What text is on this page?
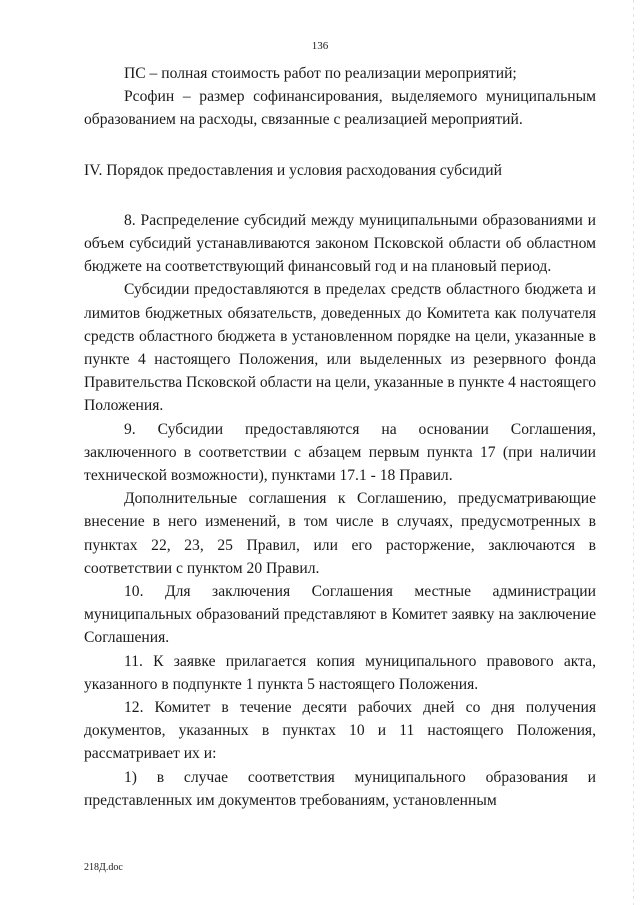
136

ПС – полная стоимость работ по реализации мероприятий;

Рсофин – размер софинансирования, выделяемого муниципальным образованием на расходы, связанные с реализацией мероприятий.

IV. Порядок предоставления и условия расходования субсидий

8. Распределение субсидий между муниципальными образованиями и объем субсидий устанавливаются законом Псковской области об областном бюджете на соответствующий финансовый год и на плановый период.

Субсидии предоставляются в пределах средств областного бюджета и лимитов бюджетных обязательств, доведенных до Комитета как получателя средств областного бюджета в установленном порядке на цели, указанные в пункте 4 настоящего Положения, или выделенных из резервного фонда Правительства Псковской области на цели, указанные в пункте 4 настоящего Положения.

9. Субсидии предоставляются на основании Соглашения, заключенного в соответствии с абзацем первым пункта 17 (при наличии технической возможности), пунктами 17.1 - 18 Правил.

Дополнительные соглашения к Соглашению, предусматривающие внесение в него изменений, в том числе в случаях, предусмотренных в пунктах 22, 23, 25 Правил, или его расторжение, заключаются в соответствии с пунктом 20 Правил.

10. Для заключения Соглашения местные администрации муниципальных образований представляют в Комитет заявку на заключение Соглашения.

11. К заявке прилагается копия муниципального правового акта, указанного в подпункте 1 пункта 5 настоящего Положения.

12. Комитет в течение десяти рабочих дней со дня получения документов, указанных в пунктах 10 и 11 настоящего Положения, рассматривает их и:

1) в случае соответствия муниципального образования и представленных им документов требованиям, установленным

218Д.doc
